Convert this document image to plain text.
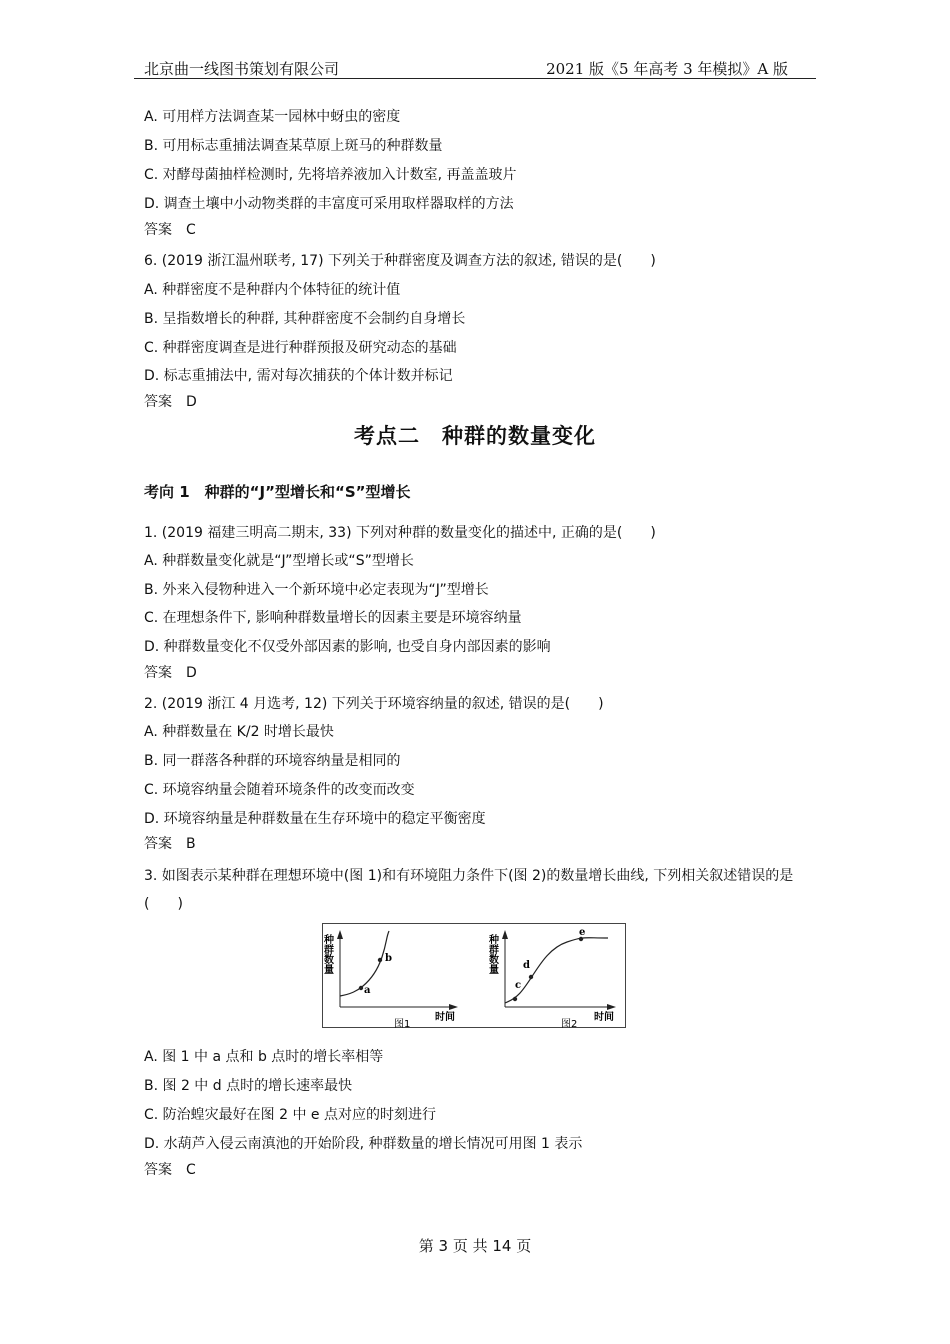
北京曲一线图书策划有限公司	2021 版《5 年高考 3 年模拟》A 版
A. 可用样方法调查某一园林中蚜虫的密度
B. 可用标志重捕法调查某草原上斑马的种群数量
C. 对酵母菌抽样检测时, 先将培养液加入计数室, 再盖盖玻片
D. 调查土壤中小动物类群的丰富度可采用取样器取样的方法
答案 C
6. (2019 浙江温州联考, 17) 下列关于种群密度及调查方法的叙述, 错误的是(　　)
A. 种群密度不是种群内个体特征的统计值
B. 呈指数增长的种群, 其种群密度不会制约自身增长
C. 种群密度调查是进行种群预报及研究动态的基础
D. 标志重捕法中, 需对每次捕获的个体计数并标记
答案 D
考点二　种群的数量变化
考向 1　种群的“J”型增长和“S”型增长
1. (2019 福建三明高二期末, 33) 下列对种群的数量变化的描述中, 正确的是(　　)
A. 种群数量变化就是“J”型增长或“S”型增长
B. 外来入侵物种进入一个新环境中必定表现为“J”型增长
C. 在理想条件下, 影响种群数量增长的因素主要是环境容纳量
D. 种群数量变化不仅受外部因素的影响, 也受自身内部因素的影响
答案 D
2. (2019 浙江 4 月选考, 12) 下列关于环境容纳量的叙述, 错误的是(　　)
A. 种群数量在 K/2 时增长最快
B. 同一群落各种群的环境容纳量是相同的
C. 环境容纳量会随着环境条件的改变而改变
D. 环境容纳量是种群数量在生存环境中的稳定平衡密度
答案 B
3. 如图表示某种群在理想环境中(图 1)和有环境阻力条件下(图 2)的数量增长曲线, 下列相关叙述错误的是
(　　)
a
b
种群数量
时间
图1
c
d
e
种群数量
时间
图2
A. 图 1 中 a 点和 b 点时的增长率相等
B. 图 2 中 d 点时的增长速率最快
C. 防治蝗灾最好在图 2 中 e 点对应的时刻进行
D. 水葫芦入侵云南滇池的开始阶段, 种群数量的增长情况可用图 1 表示
答案 C
第 3 页 共 14 页
